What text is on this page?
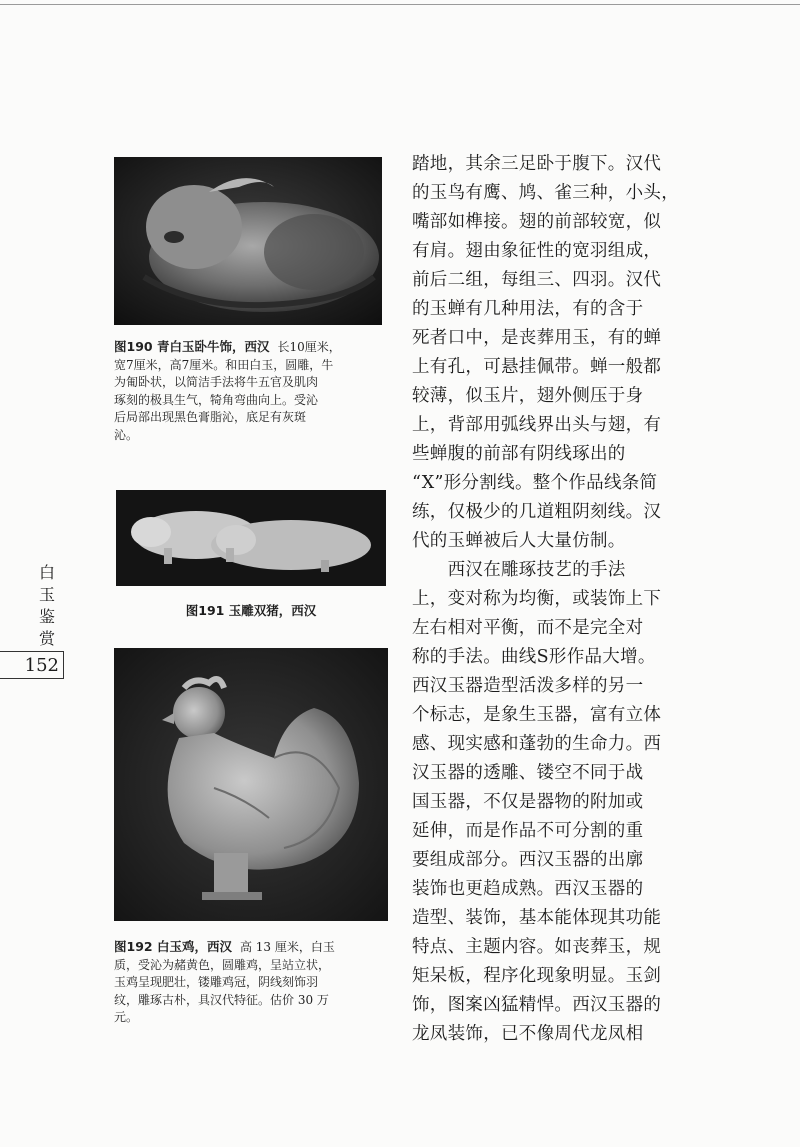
图190 青白玉卧牛饰，西汉 长10厘米，
宽7厘米，高7厘米。和田白玉，圆雕，牛
为匍卧状，以简洁手法将牛五官及肌肉
琢刻的极具生气，犄角弯曲向上。受沁
后局部出现黑色膏脂沁，底足有灰斑
沁。
图191 玉雕双猪，西汉
图192 白玉鸡，西汉 高 13 厘米，白玉
质，受沁为赭黄色，圆雕鸡，呈站立状，
玉鸡呈现肥壮，镂雕鸡冠，阴线刻饰羽
纹，雕琢古朴，具汉代特征。估价 30 万
元。
白
玉
鉴
赏
152
踏地，其余三足卧于腹下。汉代
的玉鸟有鹰、鸠、雀三种，小头，
嘴部如榫接。翅的前部较宽，似
有肩。翅由象征性的宽羽组成，
前后二组，每组三、四羽。汉代
的玉蝉有几种用法，有的含于
死者口中，是丧葬用玉，有的蝉
上有孔，可悬挂佩带。蝉一般都
较薄，似玉片，翅外侧压于身
上，背部用弧线界出头与翅，有
些蝉腹的前部有阴线琢出的
“X”形分割线。整个作品线条简
练，仅极少的几道粗阴刻线。汉
代的玉蝉被后人大量仿制。
　　西汉在雕琢技艺的手法
上，变对称为均衡，或装饰上下
左右相对平衡，而不是完全对
称的手法。曲线S形作品大增。
西汉玉器造型活泼多样的另一
个标志，是象生玉器，富有立体
感、现实感和蓬勃的生命力。西
汉玉器的透雕、镂空不同于战
国玉器，不仅是器物的附加或
延伸，而是作品不可分割的重
要组成部分。西汉玉器的出廓
装饰也更趋成熟。西汉玉器的
造型、装饰，基本能体现其功能
特点、主题内容。如丧葬玉，规
矩呆板，程序化现象明显。玉剑
饰，图案凶猛精悍。西汉玉器的
龙凤装饰，已不像周代龙凤相
